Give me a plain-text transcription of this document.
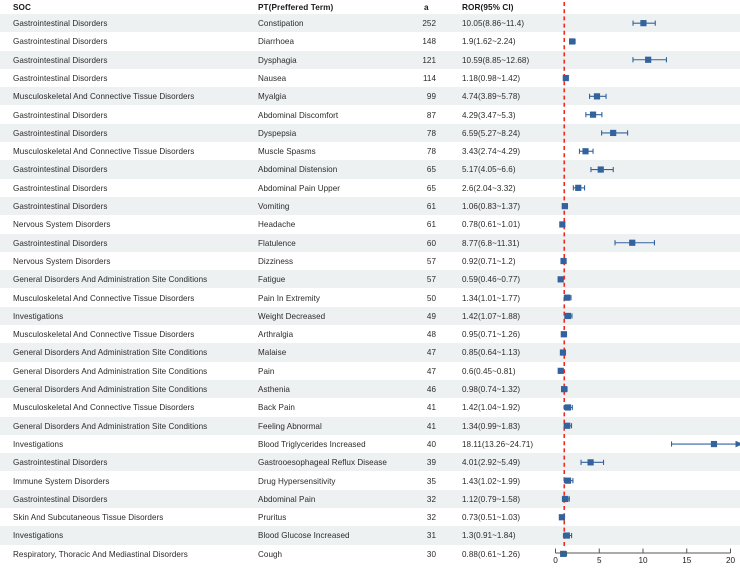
SOC	PT(Preffered Term)	a	ROR(95% CI)
Gastrointestinal Disorders	Constipation	252	10.05(8.86~11.4)
Gastrointestinal Disorders	Diarrhoea	148	1.9(1.62~2.24)
Gastrointestinal Disorders	Dysphagia	121	10.59(8.85~12.68)
Gastrointestinal Disorders	Nausea	114	1.18(0.98~1.42)
Musculoskeletal And Connective Tissue Disorders	Myalgia	99	4.74(3.89~5.78)
Gastrointestinal Disorders	Abdominal Discomfort	87	4.29(3.47~5.3)
Gastrointestinal Disorders	Dyspepsia	78	6.59(5.27~8.24)
Musculoskeletal And Connective Tissue Disorders	Muscle Spasms	78	3.43(2.74~4.29)
Gastrointestinal Disorders	Abdominal Distension	65	5.17(4.05~6.6)
Gastrointestinal Disorders	Abdominal Pain Upper	65	2.6(2.04~3.32)
Gastrointestinal Disorders	Vomiting	61	1.06(0.83~1.37)
Nervous System Disorders	Headache	61	0.78(0.61~1.01)
Gastrointestinal Disorders	Flatulence	60	8.77(6.8~11.31)
Nervous System Disorders	Dizziness	57	0.92(0.71~1.2)
General Disorders And Administration Site Conditions	Fatigue	57	0.59(0.46~0.77)
Musculoskeletal And Connective Tissue Disorders	Pain In Extremity	50	1.34(1.01~1.77)
Investigations	Weight Decreased	49	1.42(1.07~1.88)
Musculoskeletal And Connective Tissue Disorders	Arthralgia	48	0.95(0.71~1.26)
General Disorders And Administration Site Conditions	Malaise	47	0.85(0.64~1.13)
General Disorders And Administration Site Conditions	Pain	47	0.6(0.45~0.81)
General Disorders And Administration Site Conditions	Asthenia	46	0.98(0.74~1.32)
Musculoskeletal And Connective Tissue Disorders	Back Pain	41	1.42(1.04~1.92)
General Disorders And Administration Site Conditions	Feeling Abnormal	41	1.34(0.99~1.83)
Investigations	Blood Triglycerides Increased	40	18.11(13.26~24.71)
Gastrointestinal Disorders	Gastrooesophageal Reflux Disease	39	4.01(2.92~5.49)
Immune System Disorders	Drug Hypersensitivity	35	1.43(1.02~1.99)
Gastrointestinal Disorders	Abdominal Pain	32	1.12(0.79~1.58)
Skin And Subcutaneous Tissue Disorders	Pruritus	32	0.73(0.51~1.03)
Investigations	Blood Glucose Increased	31	1.3(0.91~1.84)
Respiratory, Thoracic And Mediastinal Disorders	Cough	30	0.88(0.61~1.26)
0	5	10	15	20
